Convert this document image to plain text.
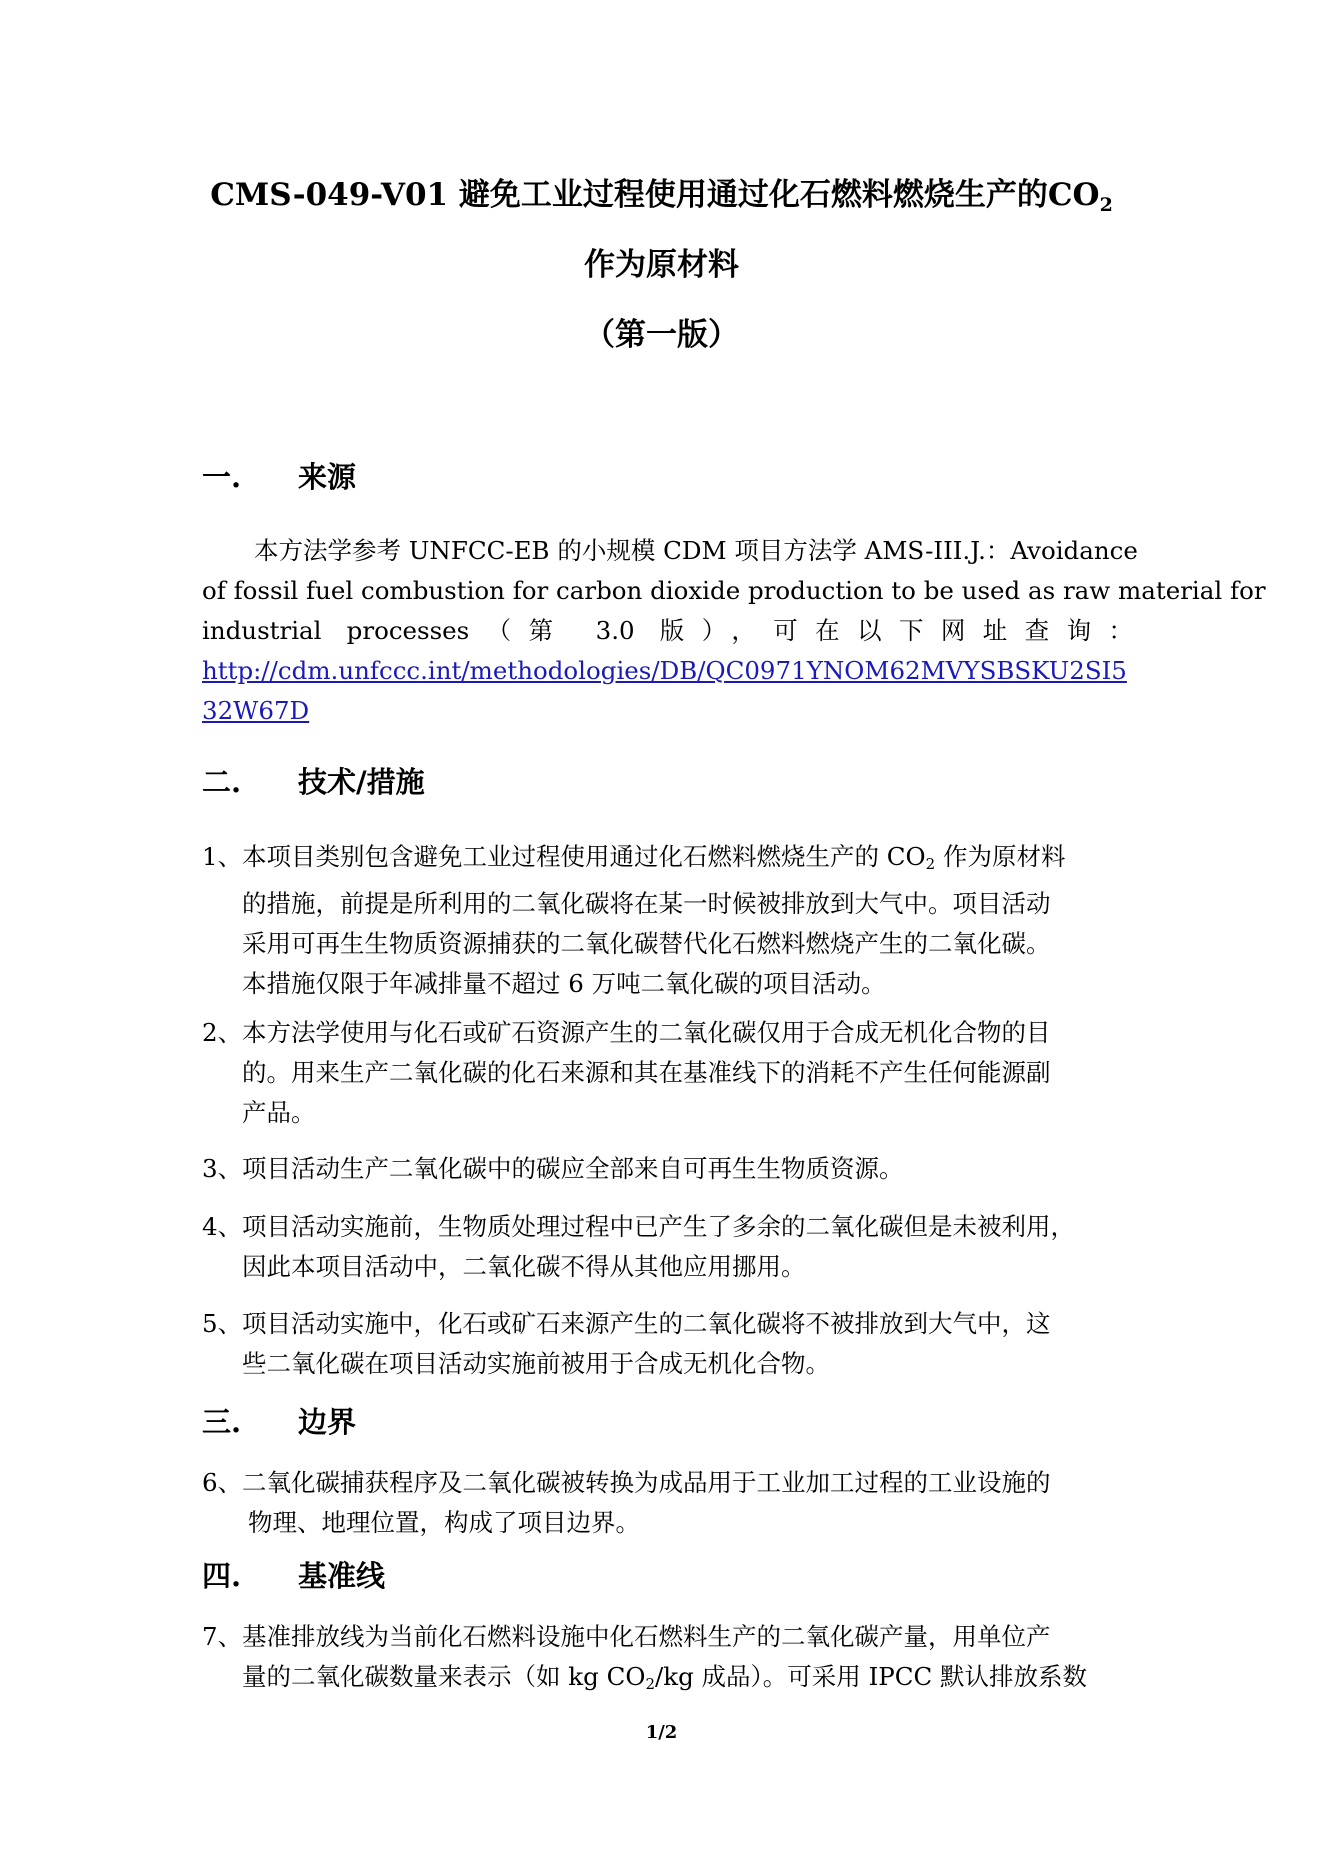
CMS-049-V01 避免工业过程使用通过化石燃料燃烧生产的$CO_2$
作为原材料
（第一版）
一. 来源
本方法学参考 UNFCC-EB 的小规模 CDM 项目方法学 AMS-III.J.：Avoidance
of fossil fuel combustion for carbon dioxide production to be used as raw material for
industrial processes（第 3.0 版），可在以下网址查询：
http://cdm.unfccc.int/methodologies/DB/QC0971YNOM62MVYSBSKU2SI532W67D
二. 技术/措施
1、 本项目类别包含避免工业过程使用通过化石燃料燃烧生产的 $CO_2$ 作为原材料
的措施，前提是所利用的二氧化碳将在某一时候被排放到大气中。项目活动
采用可再生生物质资源捕获的二氧化碳替代化石燃料燃烧产生的二氧化碳。
本措施仅限于年减排量不超过 6 万吨二氧化碳的项目活动。
2、 本方法学使用与化石或矿石资源产生的二氧化碳仅用于合成无机化合物的目
的。用来生产二氧化碳的化石来源和其在基准线下的消耗不产生任何能源副
产品。
3、 项目活动生产二氧化碳中的碳应全部来自可再生生物质资源。
4、 项目活动实施前，生物质处理过程中已产生了多余的二氧化碳但是未被利用，
因此本项目活动中，二氧化碳不得从其他应用挪用。
5、 项目活动实施中，化石或矿石来源产生的二氧化碳将不被排放到大气中，这
些二氧化碳在项目活动实施前被用于合成无机化合物。
三. 边界
6、 二氧化碳捕获程序及二氧化碳被转换为成品用于工业加工过程的工业设施的
物理、地理位置，构成了项目边界。
四. 基准线
7、 基准排放线为当前化石燃料设施中化石燃料生产的二氧化碳产量，用单位产
量的二氧化碳数量来表示（如 kg $CO_2/kg$ 成品）。可采用 IPCC 默认排放系数
1/2
